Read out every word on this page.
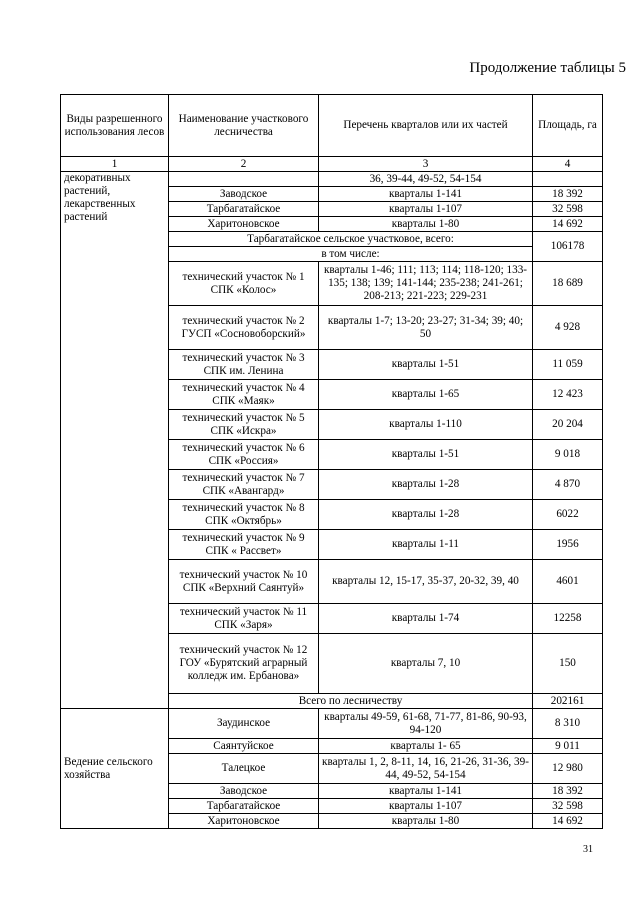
Продолжение таблицы 5
Виды разрешенного использования лесов	Наименование участкового лесничества	Перечень кварталов или их частей	Площадь, га
1	2	3	4
декоративных растений, лекарственных растений		36, 39-44, 49-52, 54-154	
	Заводское	кварталы 1-141	18 392
	Тарбагатайское	кварталы 1-107	32 598
	Харитоновское	кварталы 1-80	14 692
	Тарбагатайское сельское участковое, всего:		106178
	в том числе:		
	технический участок № 1 СПК «Колос»	кварталы 1-46; 111; 113; 114; 118-120; 133-135; 138; 139; 141-144; 235-238; 241-261; 208-213; 221-223; 229-231	18 689
	технический участок № 2 ГУСП «Сосновоборский»	кварталы 1-7; 13-20; 23-27; 31-34; 39; 40; 50	4 928
	технический участок № 3 СПК им. Ленина	кварталы 1-51	11 059
	технический участок № 4 СПК «Маяк»	кварталы 1-65	12 423
	технический участок № 5 СПК «Искра»	кварталы 1-110	20 204
	технический участок № 6 СПК «Россия»	кварталы 1-51	9 018
	технический участок № 7 СПК «Авангард»	кварталы 1-28	4 870
	технический участок № 8 СПК «Октябрь»	кварталы 1-28	6022
	технический участок № 9 СПК « Рассвет»	кварталы 1-11	1956
	технический участок № 10 СПК «Верхний Саянтуй»	кварталы 12, 15-17, 35-37, 20-32, 39, 40	4601
	технический участок № 11 СПК «Заря»	кварталы 1-74	12258
	технический участок № 12 ГОУ «Бурятский аграрный колледж им. Ербанова»	кварталы 7, 10	150
	Всего по лесничеству		202161
Ведение сельского хозяйства	Заудинское	кварталы 49-59, 61-68, 71-77, 81-86, 90-93, 94-120	8 310
	Саянтуйское	кварталы 1- 65	9 011
	Талецкое	кварталы 1, 2, 8-11, 14, 16, 21-26, 31-36, 39-44, 49-52, 54-154	12 980
	Заводское	кварталы 1-141	18 392
	Тарбагатайское	кварталы 1-107	32 598
	Харитоновское	кварталы 1-80	14 692
31
